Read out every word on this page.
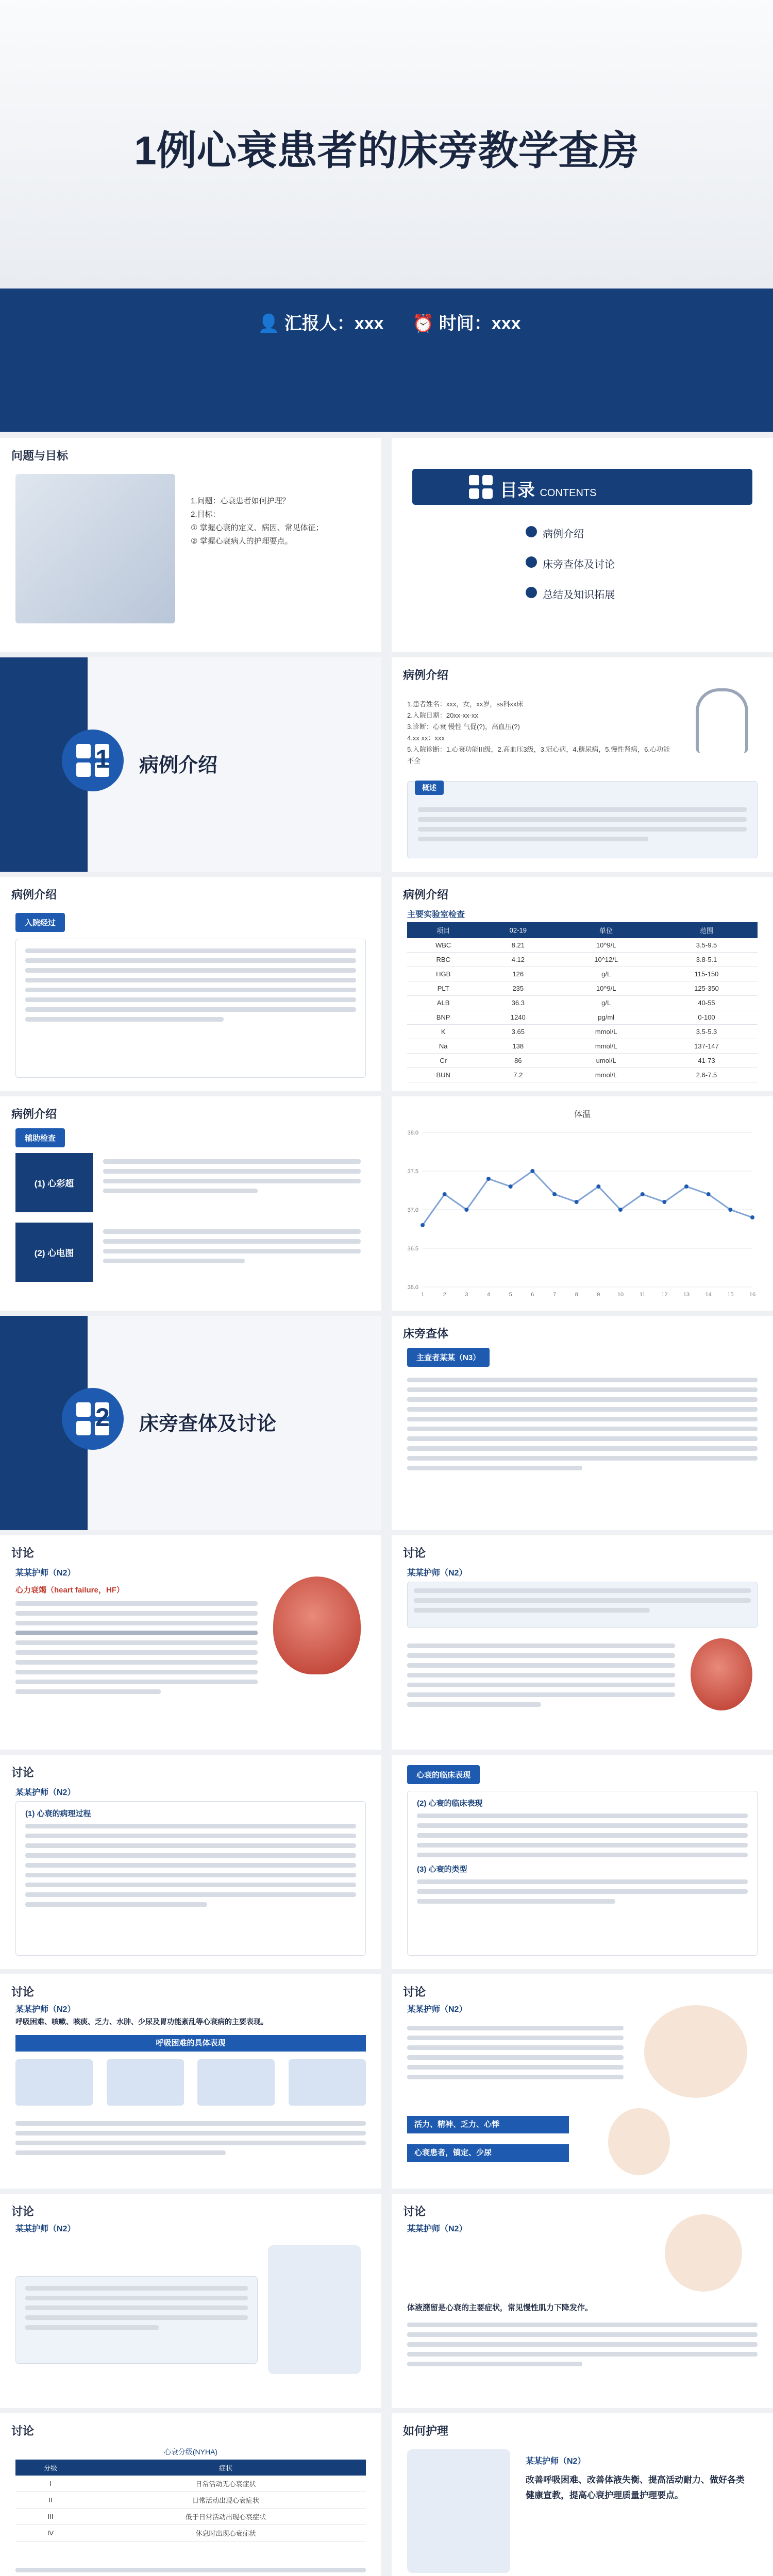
1例心衰患者的床旁教学查房
👤 汇报人：xxx ⏰ 时间：xxx
问题与目标
1.问题：心衰患者如何护理？
2.目标：
① 掌握心衰的定义、病因、常见体征；
② 掌握心衰病人的护理要点。
目录 CONTENTS
病例介绍
床旁查体及讨论
总结及知识拓展
1 病例介绍
病例介绍
1.患者姓名：xxx，女，xx岁，ss科xx床
2.入院日期：20xx-xx-xx
3.诊断：心衰 慢性 气促(?)，高血压(?)
4.xx xx：xxx
5.入院诊断：1.心衰功能III级，2.高血压3级，3.冠心病，4.糖尿病，5.慢性肾病，6.心功能不全
概述
病例介绍
入院经过
病例介绍
主要实验室检查
项目	02-19	单位	范围
WBC	8.21	10^9/L	3.5-9.5
RBC	4.12	10^12/L	3.8-5.1
HGB	126	g/L	115-150
PLT	235	10^9/L	125-350
ALB	36.3	g/L	40-55
BNP	1240	pg/ml	0-100
K	3.65	mmol/L	3.5-5.3
Na	138	mmol/L	137-147
Cr	86	umol/L	41-73
BUN	7.2	mmol/L	2.6-7.5
病例介绍
辅助检查
(1) 心彩超
(2) 心电图
体温
36.0
36.5
37.0
37.5
38.0
1	2	3	4	5	6	7	8	9	10	11	12	13	14	15	16
2 床旁查体及讨论
床旁查体
主查者某某（N3）
讨论
某某护师（N2）
心力衰竭（heart failure，HF）
讨论
某某护师（N2）
讨论
某某护师（N2）
(1) 心衰的病理过程
心衰的临床表现
(2) 心衰的临床表现
(3) 心衰的类型
讨论
某某护师（N2）
呼吸困难、咳嗽、咳痰、乏力、水肿、少尿及胃功能紊乱等心衰病的主要表现。
呼吸困难的具体表现
讨论
某某护师（N2）
活力、精神、乏力、心悸
心衰患者，镇定、少尿
讨论
某某护师（N2）
讨论
某某护师（N2）
体液潴留是心衰的主要症状，常见慢性肌力下降发作。
讨论
心衰分级(NYHA)
分级	症状
I	日常活动无心衰症状
II	日常活动出现心衰症状
III	低于日常活动出现心衰症状
IV	休息时出现心衰症状
如何护理
某某护师（N2）
改善呼吸困难、改善体液失衡、提高活动耐力、做好各类健康宣教，提高心衰护理质量护理要点。
